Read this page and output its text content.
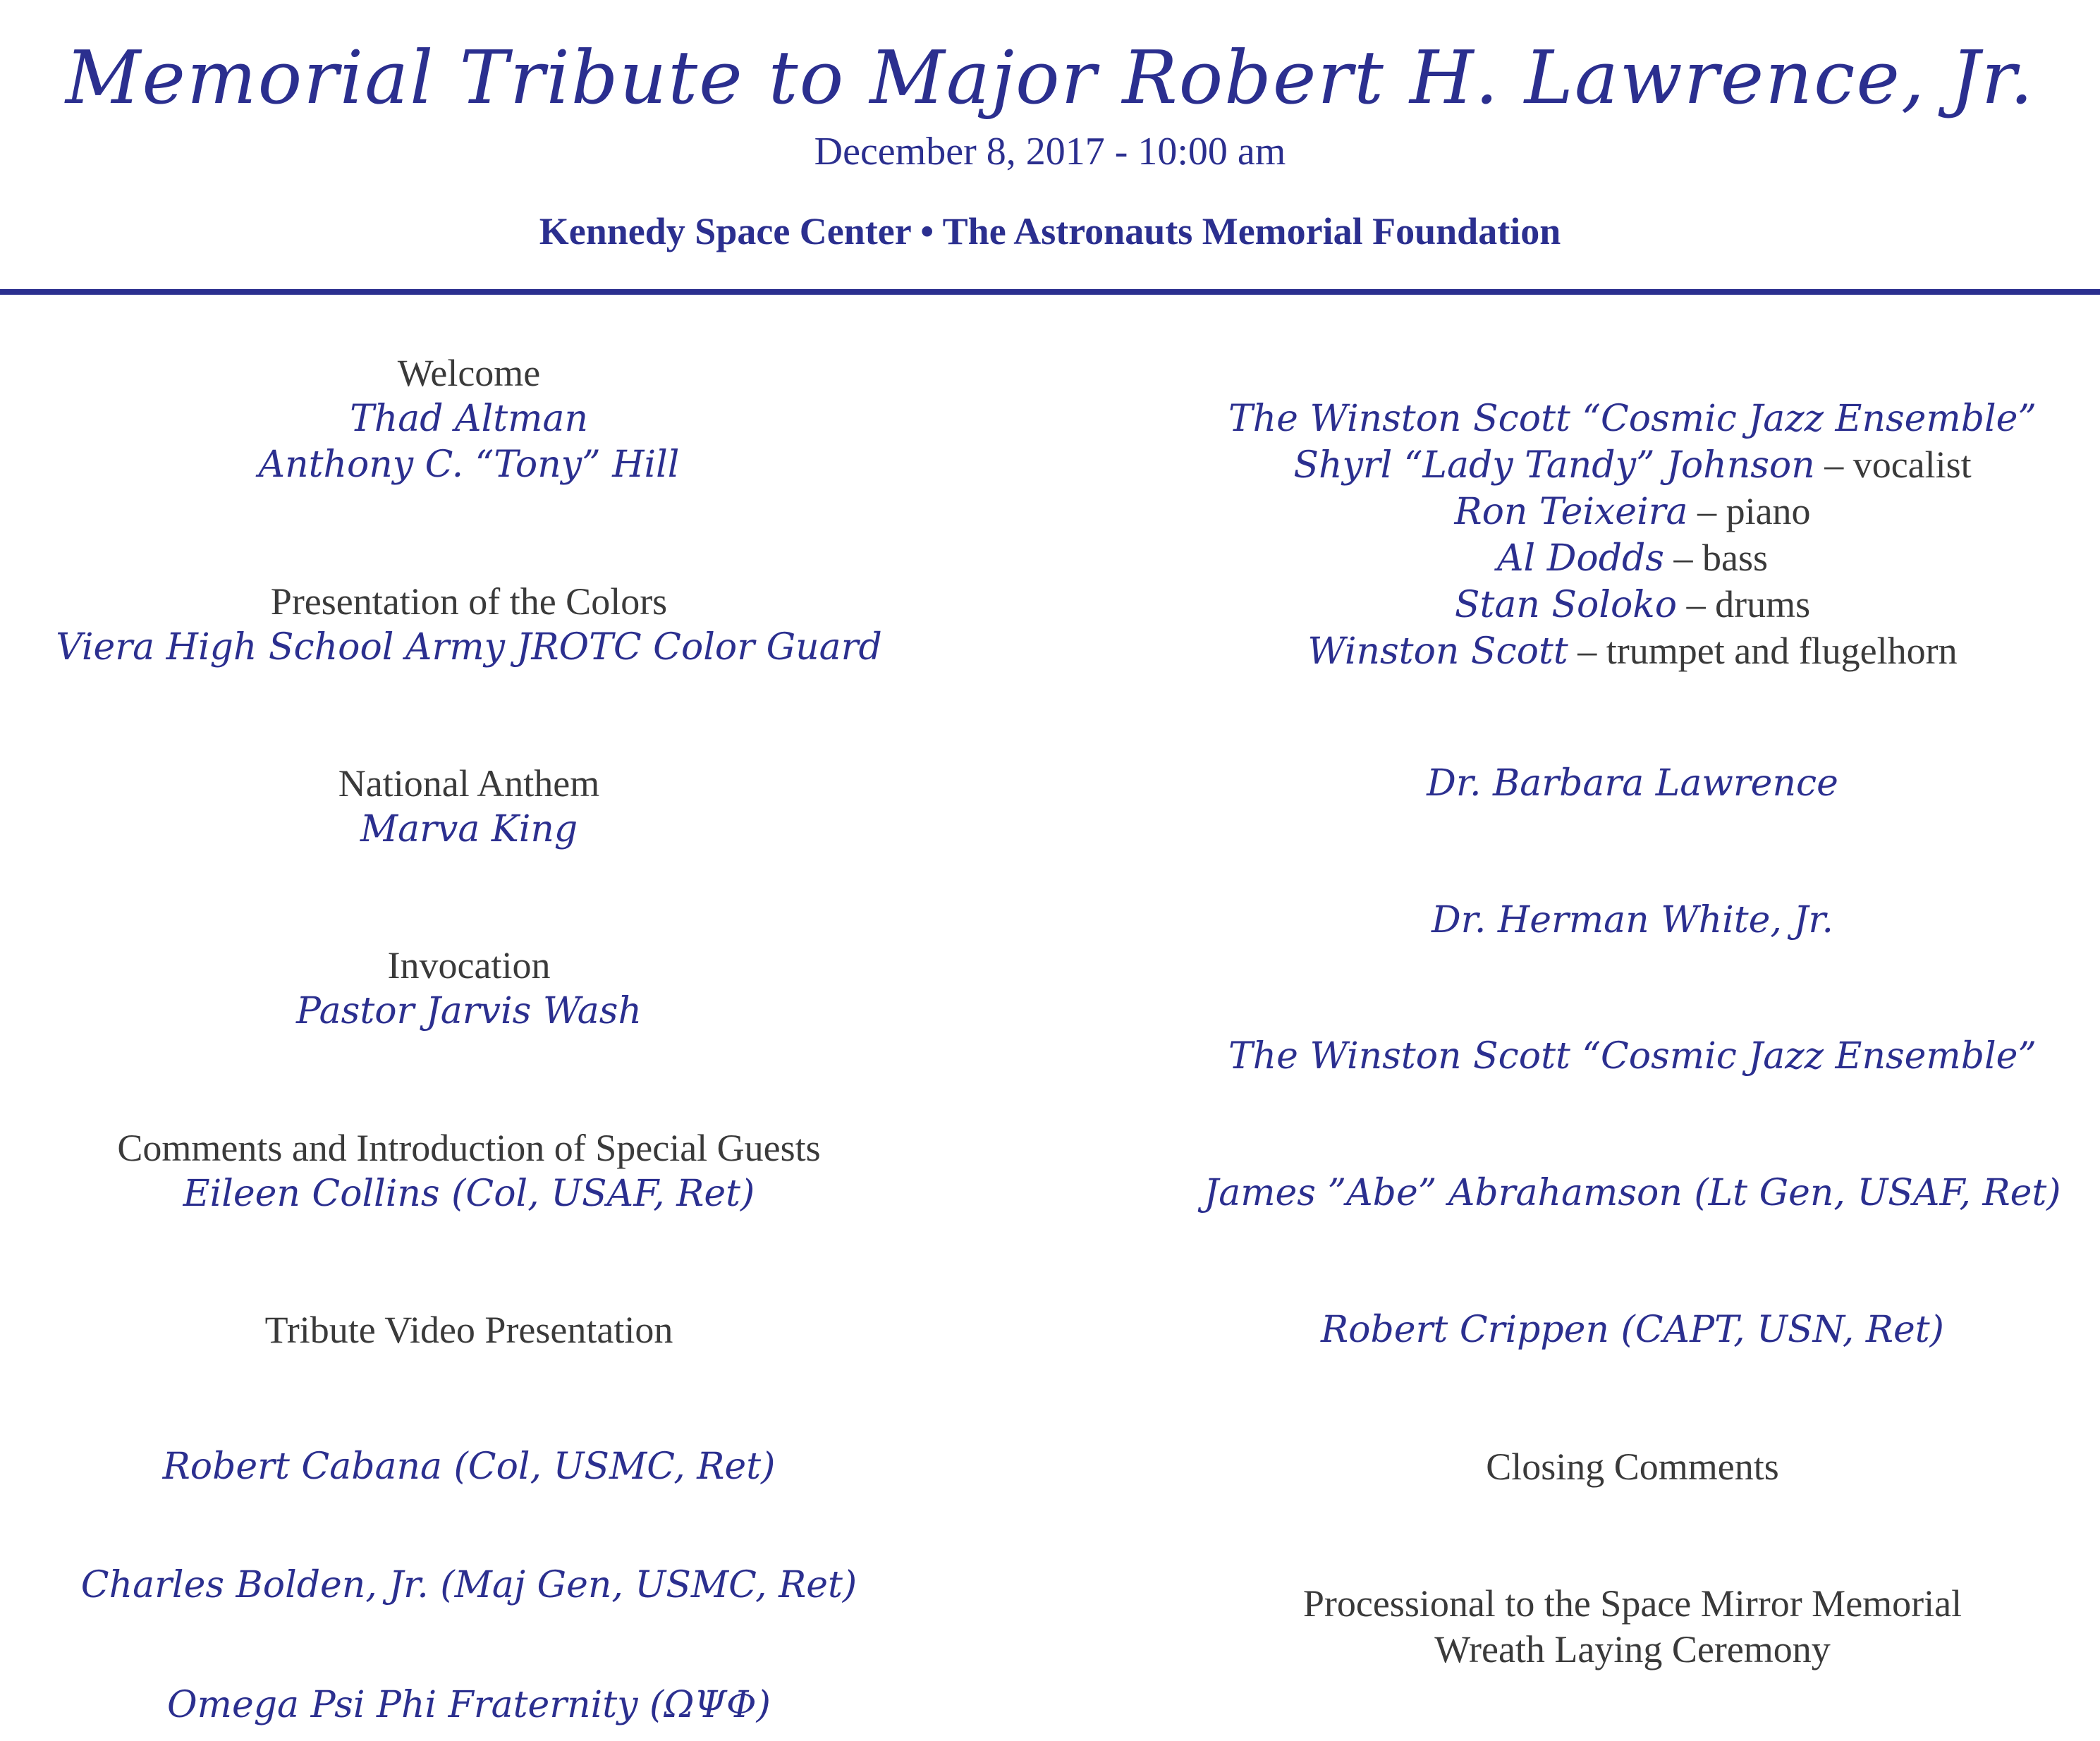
Memorial Tribute to Major Robert H. Lawrence, Jr.
December 8, 2017 - 10:00 am
Kennedy Space Center • The Astronauts Memorial Foundation
Welcome
Thad Altman
Anthony C. “Tony” Hill
Presentation of the Colors
Viera High School Army JROTC Color Guard
National Anthem
Marva King
Invocation
Pastor Jarvis Wash
Comments and Introduction of Special Guests
Eileen Collins (Col, USAF, Ret)
Tribute Video Presentation
Robert Cabana (Col, USMC, Ret)
Charles Bolden, Jr. (Maj Gen, USMC, Ret)
Omega Psi Phi Fraternity (ΩΨΦ)
The Winston Scott “Cosmic Jazz Ensemble”
Shyrl “Lady Tandy” Johnson – vocalist
Ron Teixeira – piano
Al Dodds – bass
Stan Soloko – drums
Winston Scott – trumpet and flugelhorn
Dr. Barbara Lawrence
Dr. Herman White, Jr.
The Winston Scott “Cosmic Jazz Ensemble”
James ”Abe” Abrahamson (Lt Gen, USAF, Ret)
Robert Crippen (CAPT, USN, Ret)
Closing Comments
Processional to the Space Mirror Memorial
Wreath Laying Ceremony
